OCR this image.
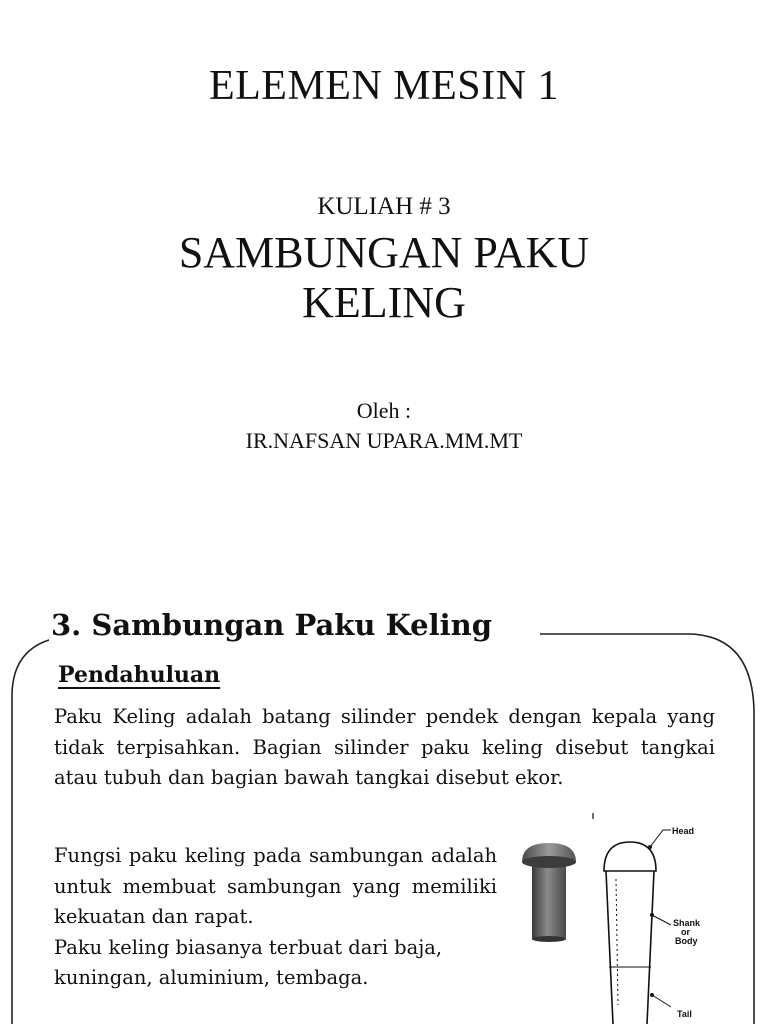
ELEMEN MESIN 1
KULIAH # 3
SAMBUNGAN PAKU KELING
Oleh :
IR.NAFSAN UPARA.MM.MT
3. Sambungan Paku Keling
Pendahuluan

Paku Keling adalah batang silinder pendek dengan kepala yang tidak terpisahkan. Bagian silinder paku keling disebut tangkai atau tubuh dan bagian bawah tangkai disebut ekor.

Fungsi paku keling pada sambungan adalah untuk membuat sambungan yang memiliki kekuatan dan rapat.
Paku keling biasanya terbuat dari baja, kuningan, aluminium, tembaga.
Head
Shank
or
Body
Tail
